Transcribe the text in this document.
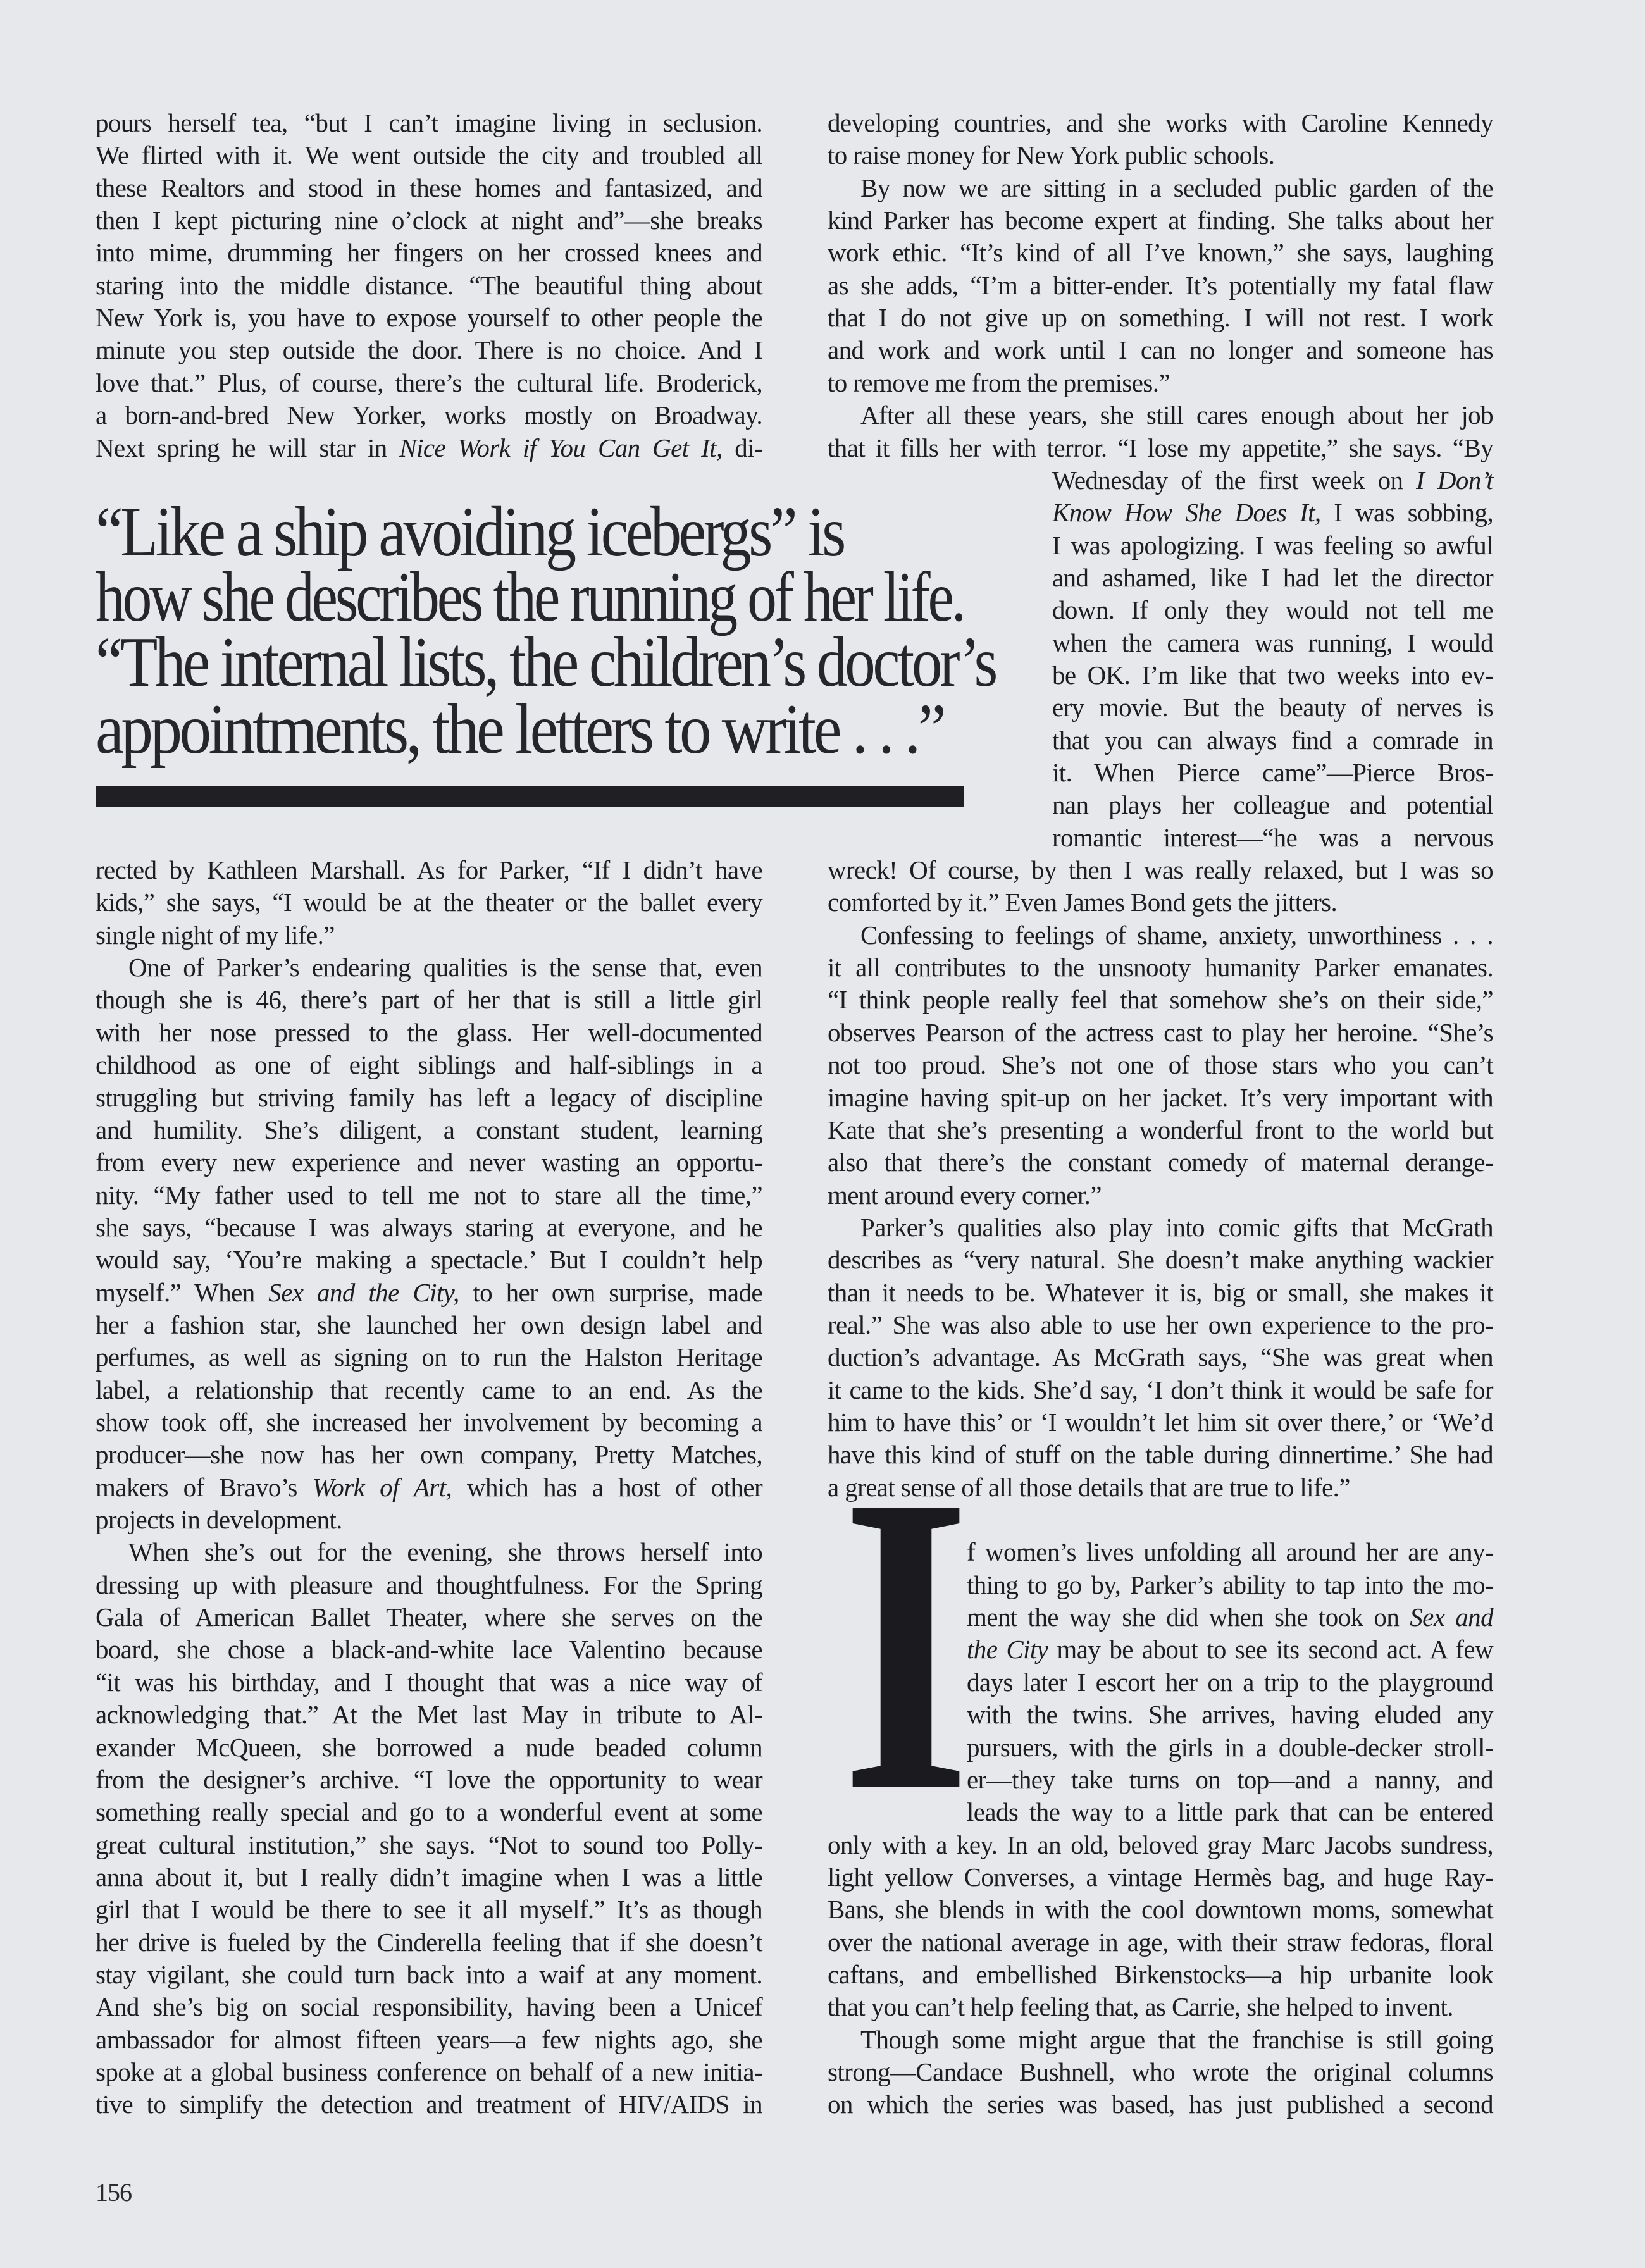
“Like a ship avoiding icebergs” is
how she describes the running of her life.
“The internal lists, the children’s doctor’s
appointments, the letters to write . . .”
I
pours herself tea, “but I can’t imagine living in seclusion.
We flirted with it. We went outside the city and troubled all
these Realtors and stood in these homes and fantasized, and
then I kept picturing nine o’clock at night and”—she breaks
into mime, drumming her fingers on her crossed knees and
staring into the middle distance. “The beautiful thing about
New York is, you have to expose yourself to other people the
minute you step outside the door. There is no choice. And I
love that.” Plus, of course, there’s the cultural life. Broderick,
a born-and-bred New Yorker, works mostly on Broadway.
Next spring he will star in Nice Work if You Can Get It, di-
rected by Kathleen Marshall. As for Parker, “If I didn’t have
kids,” she says, “I would be at the theater or the ballet every
single night of my life.”
One of Parker’s endearing qualities is the sense that, even
though she is 46, there’s part of her that is still a little girl
with her nose pressed to the glass. Her well-documented
childhood as one of eight siblings and half-siblings in a
struggling but striving family has left a legacy of discipline
and humility. She’s diligent, a constant student, learning
from every new experience and never wasting an opportu-
nity. “My father used to tell me not to stare all the time,”
she says, “because I was always staring at everyone, and he
would say, ‘You’re making a spectacle.’ But I couldn’t help
myself.” When Sex and the City, to her own surprise, made
her a fashion star, she launched her own design label and
perfumes, as well as signing on to run the Halston Heritage
label, a relationship that recently came to an end. As the
show took off, she increased her involvement by becoming a
producer—she now has her own company, Pretty Matches,
makers of Bravo’s Work of Art, which has a host of other
projects in development.
When she’s out for the evening, she throws herself into
dressing up with pleasure and thoughtfulness. For the Spring
Gala of American Ballet Theater, where she serves on the
board, she chose a black-and-white lace Valentino because
“it was his birthday, and I thought that was a nice way of
acknowledging that.” At the Met last May in tribute to Al-
exander McQueen, she borrowed a nude beaded column
from the designer’s archive. “I love the opportunity to wear
something really special and go to a wonderful event at some
great cultural institution,” she says. “Not to sound too Polly-
anna about it, but I really didn’t imagine when I was a little
girl that I would be there to see it all myself.” It’s as though
her drive is fueled by the Cinderella feeling that if she doesn’t
stay vigilant, she could turn back into a waif at any moment.
And she’s big on social responsibility, having been a Unicef
ambassador for almost fifteen years—a few nights ago, she
spoke at a global business conference on behalf of a new initia-
tive to simplify the detection and treatment of HIV/AIDS in
developing countries, and she works with Caroline Kennedy
to raise money for New York public schools.
By now we are sitting in a secluded public garden of the
kind Parker has become expert at finding. She talks about her
work ethic. “It’s kind of all I’ve known,” she says, laughing
as she adds, “I’m a bitter-ender. It’s potentially my fatal flaw
that I do not give up on something. I will not rest. I work
and work and work until I can no longer and someone has
to remove me from the premises.”
After all these years, she still cares enough about her job
that it fills her with terror. “I lose my appetite,” she says. “By
Wednesday of the first week on I Don’t
Know How She Does It, I was sobbing,
I was apologizing. I was feeling so awful
and ashamed, like I had let the director
down. If only they would not tell me
when the camera was running, I would
be OK. I’m like that two weeks into ev-
ery movie. But the beauty of nerves is
that you can always find a comrade in
it. When Pierce came”—Pierce Bros-
nan plays her colleague and potential
romantic interest—“he was a nervous
wreck! Of course, by then I was really relaxed, but I was so
comforted by it.” Even James Bond gets the jitters.
Confessing to feelings of shame, anxiety, unworthiness . . .
it all contributes to the unsnooty humanity Parker emanates.
“I think people really feel that somehow she’s on their side,”
observes Pearson of the actress cast to play her heroine. “She’s
not too proud. She’s not one of those stars who you can’t
imagine having spit-up on her jacket. It’s very important with
Kate that she’s presenting a wonderful front to the world but
also that there’s the constant comedy of maternal derange-
ment around every corner.”
Parker’s qualities also play into comic gifts that McGrath
describes as “very natural. She doesn’t make anything wackier
than it needs to be. Whatever it is, big or small, she makes it
real.” She was also able to use her own experience to the pro-
duction’s advantage. As McGrath says, “She was great when
it came to the kids. She’d say, ‘I don’t think it would be safe for
him to have this’ or ‘I wouldn’t let him sit over there,’ or ‘We’d
have this kind of stuff on the table during dinnertime.’ She had
a great sense of all those details that are true to life.”
f women’s lives unfolding all around her are any-
thing to go by, Parker’s ability to tap into the mo-
ment the way she did when she took on Sex and
the City may be about to see its second act. A few
days later I escort her on a trip to the playground
with the twins. She arrives, having eluded any
pursuers, with the girls in a double-decker stroll-
er—they take turns on top—and a nanny, and
leads the way to a little park that can be entered
only with a key. In an old, beloved gray Marc Jacobs sundress,
light yellow Converses, a vintage Hermès bag, and huge Ray-
Bans, she blends in with the cool downtown moms, somewhat
over the national average in age, with their straw fedoras, floral
caftans, and embellished Birkenstocks—a hip urbanite look
that you can’t help feeling that, as Carrie, she helped to invent.
Though some might argue that the franchise is still going
strong—Candace Bushnell, who wrote the original columns
on which the series was based, has just published a second
156
